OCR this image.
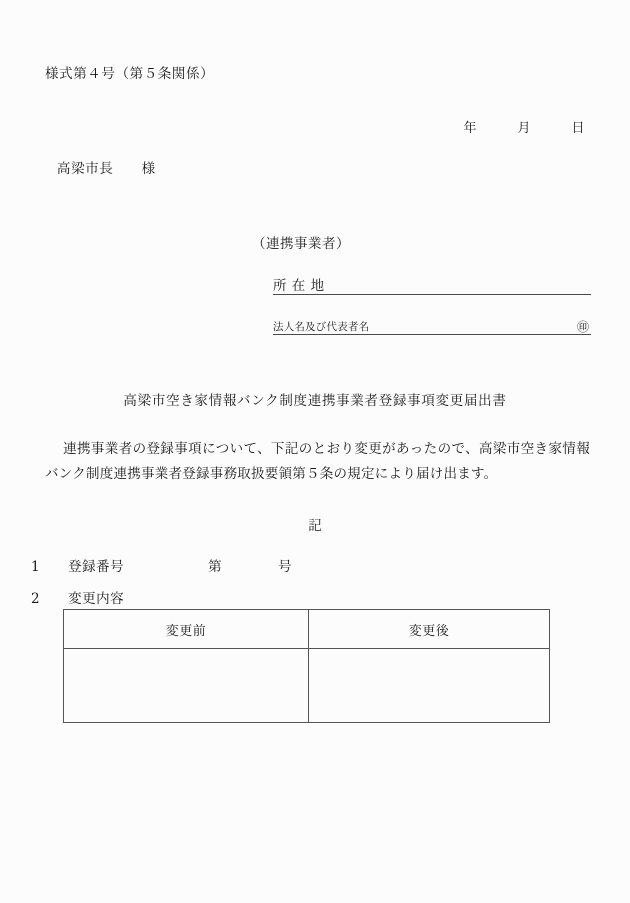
様式第４号（第５条関係）
年　　　月　　　日
高梁市長　　様
（連携事業者）
所 在 地
法人名及び代表者名	㊞
高梁市空き家情報バンク制度連携事業者登録事項変更届出書
連携事業者の登録事項について、下記のとおり変更があったので、高梁市空き家情報バンク制度連携事業者登録事務取扱要領第５条の規定により届け出ます。
記
1　　登録番号　　　　　　第　　　　号
2　　変更内容
変更前	変更後
